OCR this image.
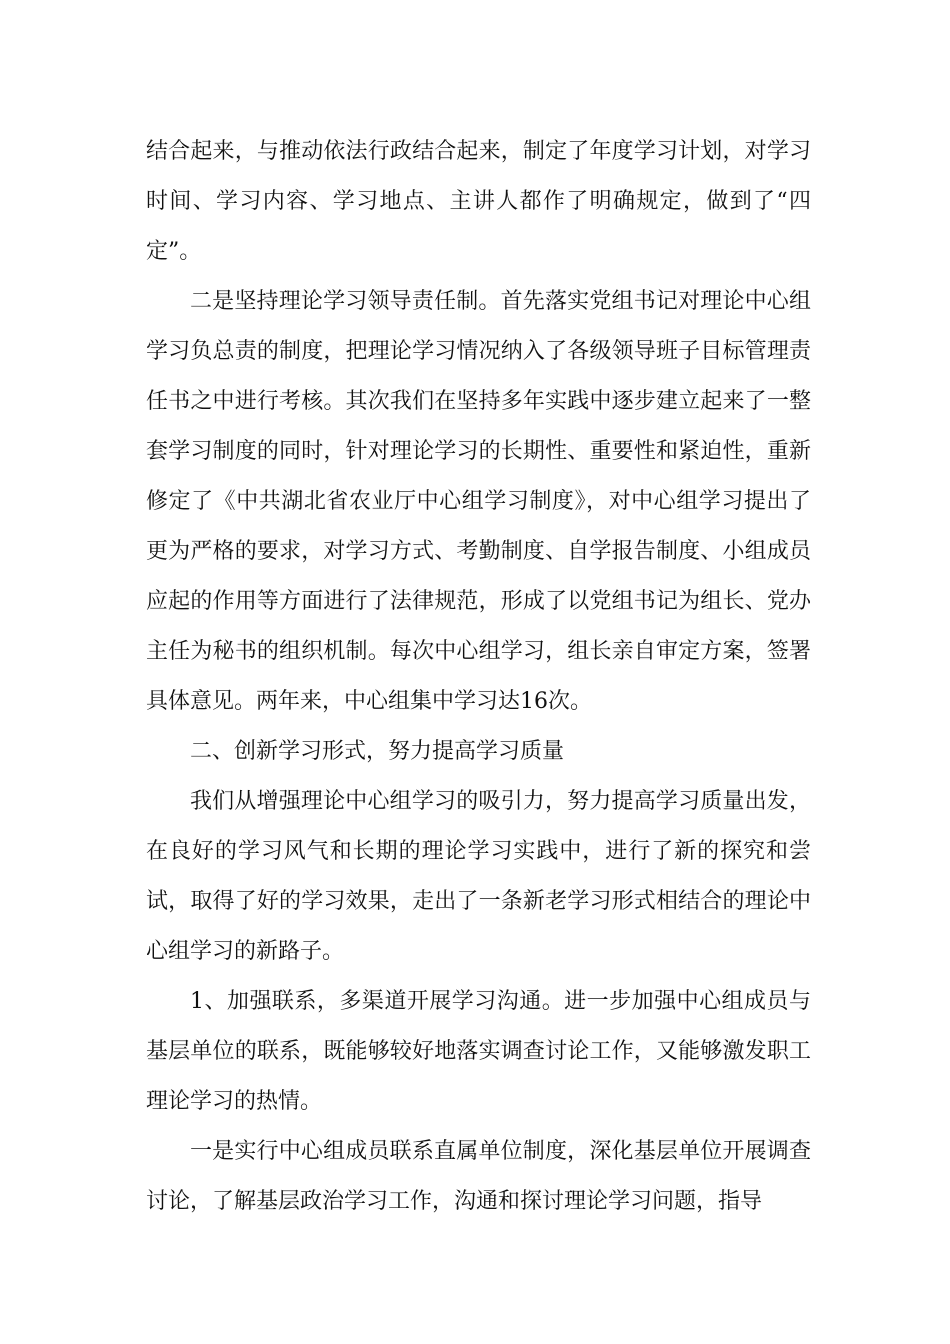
结合起来，与推动依法行政结合起来，制定了年度学习计划，对学习时间、学习内容、学习地点、主讲人都作了明确规定，做到了“四定”。

二是坚持理论学习领导责任制。首先落实党组书记对理论中心组学习负总责的制度，把理论学习情况纳入了各级领导班子目标管理责任书之中进行考核。其次我们在坚持多年实践中逐步建立起来了一整套学习制度的同时，针对理论学习的长期性、重要性和紧迫性，重新修定了《中共湖北省农业厅中心组学习制度》，对中心组学习提出了更为严格的要求，对学习方式、考勤制度、自学报告制度、小组成员应起的作用等方面进行了法律规范，形成了以党组书记为组长、党办主任为秘书的组织机制。每次中心组学习，组长亲自审定方案，签署具体意见。两年来，中心组集中学习达16次。

二、创新学习形式，努力提高学习质量

我们从增强理论中心组学习的吸引力，努力提高学习质量出发，在良好的学习风气和长期的理论学习实践中，进行了新的探究和尝试，取得了好的学习效果，走出了一条新老学习形式相结合的理论中心组学习的新路子。

1、加强联系，多渠道开展学习沟通。进一步加强中心组成员与基层单位的联系，既能够较好地落实调查讨论工作，又能够激发职工理论学习的热情。

一是实行中心组成员联系直属单位制度，深化基层单位开展调查讨论，了解基层政治学习工作，沟通和探讨理论学习问题，指导
